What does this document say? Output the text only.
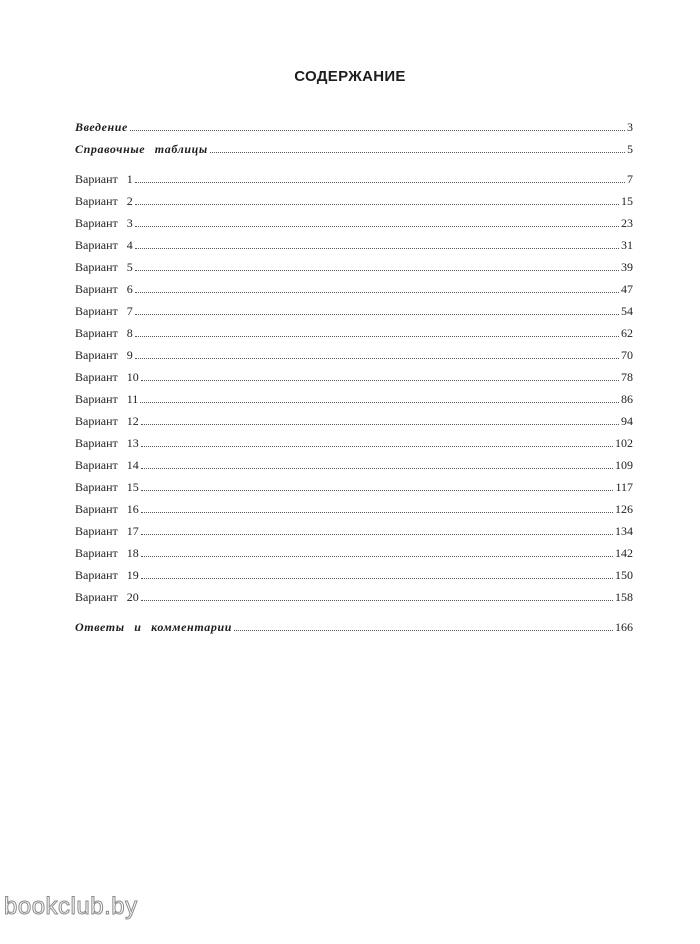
СОДЕРЖАНИЕ
Введение	3
Справочные таблицы	5
Вариант 1	7
Вариант 2	15
Вариант 3	23
Вариант 4	31
Вариант 5	39
Вариант 6	47
Вариант 7	54
Вариант 8	62
Вариант 9	70
Вариант 10	78
Вариант 11	86
Вариант 12	94
Вариант 13	102
Вариант 14	109
Вариант 15	117
Вариант 16	126
Вариант 17	134
Вариант 18	142
Вариант 19	150
Вариант 20	158
Ответы и комментарии	166
bookclub.by
